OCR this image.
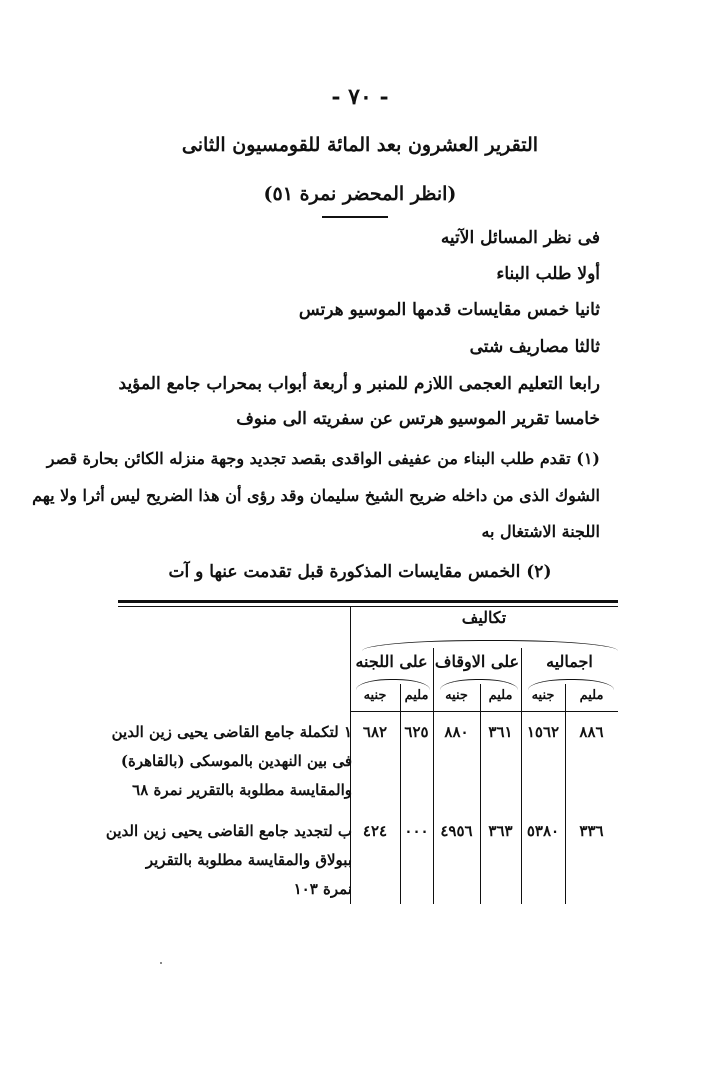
- ٧٠ -
التقرير العشرون بعد المائة للقومسيون الثانى
(انظر المحضر نمرة ٥١)
فى نظر المسائل الآتيه
أولا طلب البناء
ثانيا خمس مقايسات قدمها الموسيو هرتس
ثالثا مصاريف شتى
رابعا التعليم العجمى اللازم للمنبر و أربعة أبواب بمحراب جامع المؤيد
خامسا تقرير الموسيو هرتس عن سفريته الى منوف
(١) تقدم طلب البناء من عفيفى الواقدى بقصد تجديد وجهة منزله الكائن بحارة قصر
الشوك الذى من داخله ضريح الشيخ سليمان وقد رؤى أن هذا الضريح ليس أثرا ولا يهم
اللجنة الاشتغال به
(٢) الخمس مقايسات المذكورة قبل تقدمت عنها و آت
تكاليف
اجماليه
على الاوقاف
على اللجنه
مليم
جنيه
مليم
جنيه
مليم
جنيه
١ لتكملة جامع القاضى يحيى زين الدين
فى بين النهدين بالموسكى (بالقاهرة)
والمقايسة مطلوبة بالتقرير نمرة ٦٨
٨٨٦
١٥٦٢
٣٦١
٨٨٠
٦٢٥
٦٨٢
ب لتجديد جامع القاضى يحيى زين الدين
ببولاق والمقايسة مطلوبة بالتقرير
نمرة ١٠٣
٣٣٦
٥٣٨٠
٣٦٣
٤٩٥٦
٠٠٠
٤٢٤
